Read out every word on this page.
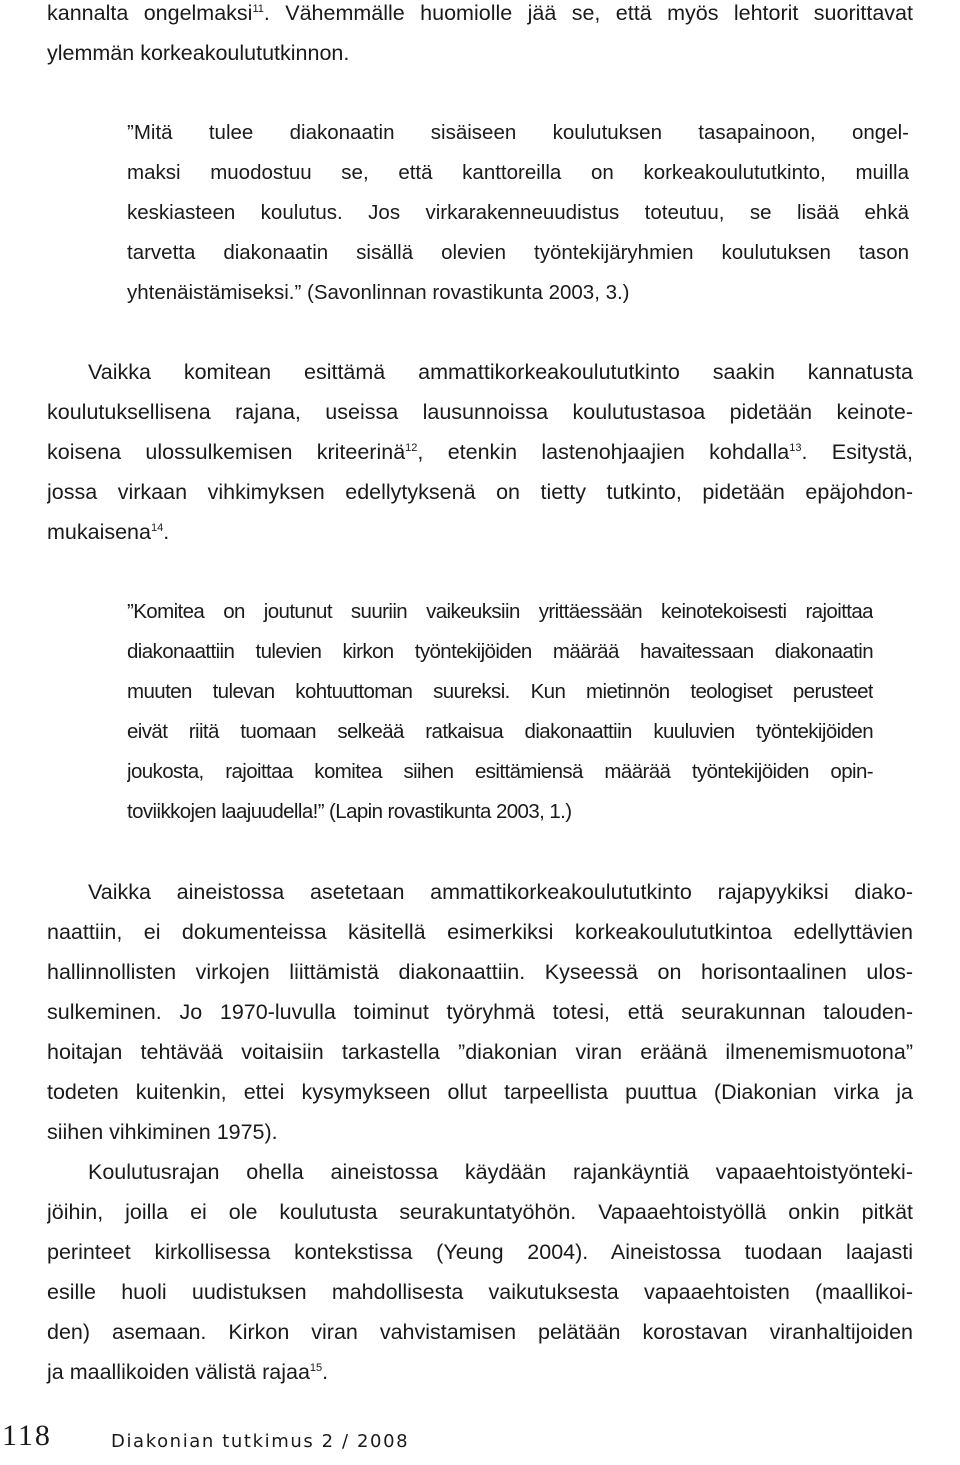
kannalta ongelmaksi$^{11}$. Vähemmälle huomiolle jää se, että myös lehtorit suorittavat
ylemmän korkeakoulututkinnon.
”Mitä tulee diakonaatin sisäiseen koulutuksen tasapainoon, ongel-
maksi muodostuu se, että kanttoreilla on korkeakoulututkinto, muilla
keskiasteen koulutus. Jos virkarakenneuudistus toteutuu, se lisää ehkä
tarvetta diakonaatin sisällä olevien työntekijäryhmien koulutuksen tason
yhtenäistämiseksi.” (Savonlinnan rovastikunta 2003, 3.)
Vaikka komitean esittämä ammattikorkeakoulututkinto saakin kannatusta
koulutuksellisena rajana, useissa lausunnoissa koulutustasoa pidetään keinote-
koisena ulossulkemisen kriteerinä$^{12}$, etenkin lastenohjaajien kohdalla$^{13}$. Esitystä,
jossa virkaan vihkimyksen edellytyksenä on tietty tutkinto, pidetään epäjohdon-
mukaisena$^{14}$.
”Komitea on joutunut suuriin vaikeuksiin yrittäessään keinotekoisesti rajoittaa
diakonaattiin tulevien kirkon työntekijöiden määrää havaitessaan diakonaatin
muuten tulevan kohtuuttoman suureksi. Kun mietinnön teologiset perusteet
eivät riitä tuomaan selkeää ratkaisua diakonaattiin kuuluvien työntekijöiden
joukosta, rajoittaa komitea siihen esittämiensä määrää työntekijöiden opin-
toviikkojen laajuudella!” (Lapin rovastikunta 2003, 1.)
Vaikka aineistossa asetetaan ammattikorkeakoulututkinto rajapyykiksi diako-
naattiin, ei dokumenteissa käsitellä esimerkiksi korkeakoulututkintoa edellyttävien
hallinnollisten virkojen liittämistä diakonaattiin. Kyseessä on horisontaalinen ulos-
sulkeminen. Jo 1970-luvulla toiminut työryhmä totesi, että seurakunnan talouden-
hoitajan tehtävää voitaisiin tarkastella ”diakonian viran eräänä ilmenemismuotona”
todeten kuitenkin, ettei kysymykseen ollut tarpeellista puuttua (Diakonian virka ja
siihen vihkiminen 1975).
Koulutusrajan ohella aineistossa käydään rajankäyntiä vapaaehtoistyönteki-
jöihin, joilla ei ole koulutusta seurakuntatyöhön. Vapaaehtoistyöllä onkin pitkät
perinteet kirkollisessa kontekstissa (Yeung 2004). Aineistossa tuodaan laajasti
esille huoli uudistuksen mahdollisesta vaikutuksesta vapaaehtoisten (maallikoi-
den) asemaan. Kirkon viran vahvistamisen pelätään korostavan viranhaltijoiden
ja maallikoiden välistä rajaa$^{15}$.
118	Diakonian tutkimus 2 / 2008
